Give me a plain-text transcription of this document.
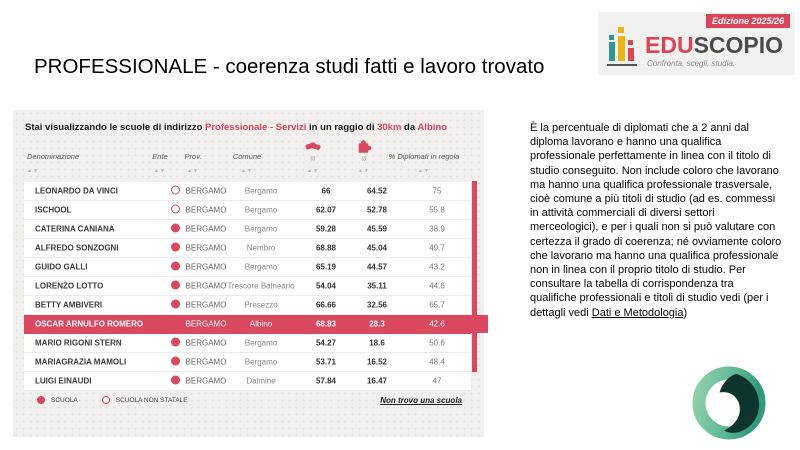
PROFESSIONALE - coerenza studi fatti e lavoro trovato
Edizione 2025/26
EDUSCOPIO
Confronta, scegli, studia.
Stai visualizzando le scuole di indirizzo Professionale - Servizi in un raggio di 30km da Albino
Denominazione
▲▼
Ente
▲▼
Prov.
▲▼
Comune
▲▼
(i)
▲▼
(i)
▲▼
% Diplomati in regola
▲▼
LEONARDO DA VINCI	BERGAMO	Bergamo	66	64.52	75
ISCHOOL	BERGAMO	Bergamo	62.07	52.78	55.8
CATERINA CANIANA	BERGAMO	Bergamo	59.28	45.59	38.9
ALFREDO SONZOGNI	BERGAMO	Nembro	68.88	45.04	49.7
GUIDO GALLI	BERGAMO	Bergamo	65.19	44.57	43.2
LORENZO LOTTO	BERGAMO Trescore Balneario	54.04	35.11	44.6
BETTY AMBIVERI	BERGAMO	Presezzo	66.66	32.56	65.7
OSCAR ARNULFO ROMERO	BERGAMO	Albino	68.83	28.3	42.6
MARIO RIGONI STERN	BERGAMO	Bergamo	54.27	18.6	50.6
MARIAGRAZIA MAMOLI	BERGAMO	Bergamo	53.71	16.52	48.4
LUIGI EINAUDI	BERGAMO	Dalmine	57.84	16.47	47
SCUOLA	SCUOLA NON STATALE	Non trovo una scuola

È la percentuale di diplomati che a 2 anni dal diploma lavorano e hanno una qualifica professionale perfettamente in linea con il titolo di studio conseguito. Non include coloro che lavorano ma hanno una qualifica professionale trasversale, cioè comune a più titoli di studio (ad es. commessi in attività commerciali di diversi settori merceologici), e per i quali non si può valutare con certezza il grado di coerenza; né ovviamente coloro che lavorano ma hanno una qualifica professionale non in linea con il proprio titolo di studio. Per consultare la tabella di corrispondenza tra qualifiche professionali e titoli di studio vedi (per i dettagli vedi Dati e Metodologia)
